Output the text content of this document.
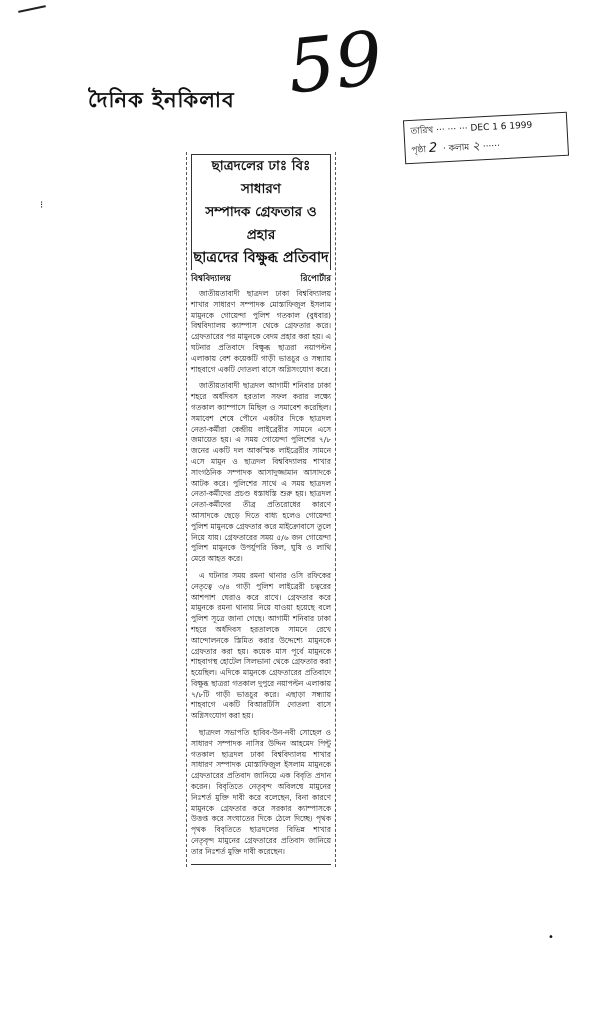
দৈনিক ইনকিলাব 59
তারিখ ··· ··· ··· DEC 1 6 1999
পৃষ্ঠা 2  · কলাম ২ ······
⁝
ছাত্রদলের ঢাঃ বিঃ সাধারণ
সম্পাদক গ্রেফতার ও প্রহার
ছাত্রদের বিক্ষুব্ধ প্রতিবাদ
বিশ্ববিদ্যালয়	রিপোর্টার

জাতীয়তাবাদী ছাত্রদল ঢাকা বিশ্ববিদ্যালয় শাখার সাধারণ সম্পাদক মোস্তাফিজুল ইসলাম মামুনকে গোয়েন্দা পুলিশ গতকাল (বুধবার) বিশ্ববিদ্যালয় ক্যাম্পাস থেকে গ্রেফতার করে। গ্রেফতারের পর মামুনকে বেদম প্রহার করা হয়। এ ঘটনার প্রতিবাদে বিক্ষুব্ধ ছাত্ররা নয়াপল্টন এলাকায় বেশ কয়েকটি গাড়ী ভাঙচুর ও সন্ধ্যায় শাহবাগে একটি দোতলা বাসে অগ্নিসংযোগ করে।

জাতীয়তাবাদী ছাত্রদল আগামী শনিবার ঢাকা শহরে অর্ধদিবস হরতাল সফল করার লক্ষ্যে গতকাল ক্যাম্পাসে মিছিল ও সমাবেশ করেছিল। সমাবেশ শেষে পৌনে একটার দিকে ছাত্রদল নেতা-কর্মীরা কেন্দ্রীয় লাইব্রেরীর সামনে এসে জমায়েত হয়। এ সময় গোয়েন্দা পুলিশের ৭/৮ জনের একটি দল আকস্মিক লাইব্রেরীর সামনে এসে মামুন ও ছাত্রদল বিশ্ববিদ্যালয় শাখার সাংগঠনিক সম্পাদক আসাদুজ্জামান আসাদকে আটক করে। পুলিশের সাথে এ সময় ছাত্রদল নেতা-কর্মীদের প্রচণ্ড ধস্তাধস্তি শুরু হয়। ছাত্রদল নেতা-কর্মীদের তীব্র প্রতিরোধের কারণে আসাদকে ছেড়ে দিতে বাধ্য হলেও গোয়েন্দা পুলিশ মামুনকে গ্রেফতার করে মাইক্রোবাসে তুলে নিয়ে যায়। গ্রেফতারের সময় ৫/৬ জন গোয়েন্দা পুলিশ মামুনকে উপর্যুপরি কিল, ঘুষি ও লাথি মেরে আহত করে।

এ ঘটনার সময় রমনা থানার ওসি রফিকের নেতৃত্বে ৩/৪ গাড়ী পুলিশ লাইব্রেরী চত্বরের আশপাশ ঘেরাও করে রাখে। গ্রেফতার করে মামুনকে রমনা থানায় নিয়ে যাওয়া হয়েছে বলে পুলিশ সূত্রে জানা গেছে। আগামী শনিবার ঢাকা শহরে অর্ধদিবস হরতালকে সামনে রেখে আন্দোলনকে স্তিমিত করার উদ্দেশ্যে মামুনকে গ্রেফতার করা হয়। কয়েক মাস পূর্বে মামুনকে শাহবাগস্থ হোটেল সিলভানা থেকে গ্রেফতার করা হয়েছিল। এদিকে মামুনকে গ্রেফতারের প্রতিবাদে বিক্ষুব্ধ ছাত্ররা গতকাল দুপুরে নয়াপল্টন এলাকায় ৭/৮টি গাড়ী ভাঙচুর করে। এছাড়া সন্ধ্যায় শাহবাগে একটি বিআরটিসি দোতলা বাসে অগ্নিসংযোগ করা হয়।

ছাত্রদল সভাপতি হাবিব-উন-নবী সোহেল ও সাধারণ সম্পাদক নাসির উদ্দিন আহমেদ পিন্টু গতকাল ছাত্রদল ঢাকা বিশ্ববিদ্যালয় শাখার সাধারণ সম্পাদক মোস্তাফিজুল ইসলাম মামুনকে গ্রেফতারের প্রতিবাদ জানিয়ে এক বিবৃতি প্রদান করেন। বিবৃতিতে নেতৃবৃন্দ অবিলম্বে মামুনের নিঃশর্ত মুক্তি দাবী করে বলেছেন, বিনা কারণে মামুনকে গ্রেফতার করে সরকার ক্যাম্পাসকে উত্তপ্ত করে সংঘাতের দিকে ঠেলে দিচ্ছে। পৃথক পৃথক বিবৃতিতে ছাত্রদলের বিভিন্ন শাখার নেতৃবৃন্দ মামুনের গ্রেফতারের প্রতিবাদ জানিয়ে তার নিঃশর্ত মুক্তি দাবী করেছেন।

•
